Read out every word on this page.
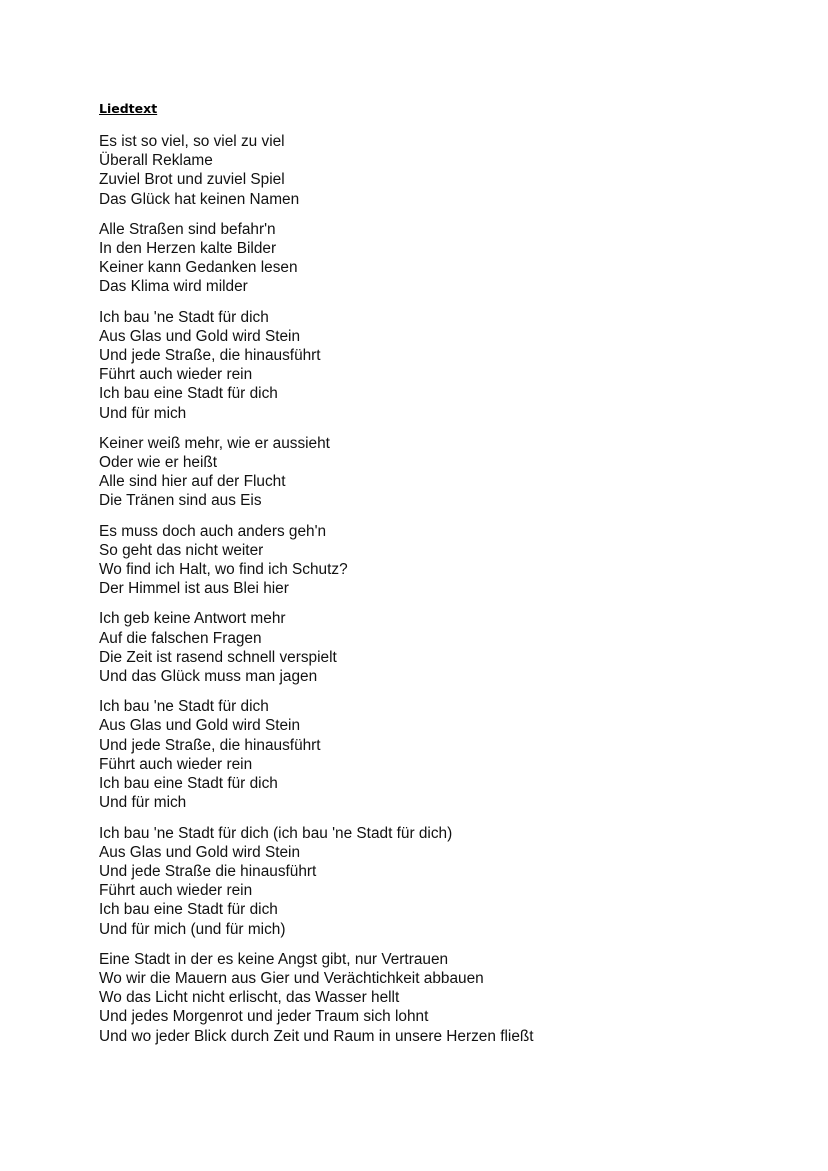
Liedtext
Es ist so viel, so viel zu viel
Überall Reklame
Zuviel Brot und zuviel Spiel
Das Glück hat keinen Namen
Alle Straßen sind befahr'n
In den Herzen kalte Bilder
Keiner kann Gedanken lesen
Das Klima wird milder
Ich bau 'ne Stadt für dich
Aus Glas und Gold wird Stein
Und jede Straße, die hinausführt
Führt auch wieder rein
Ich bau eine Stadt für dich
Und für mich
Keiner weiß mehr, wie er aussieht
Oder wie er heißt
Alle sind hier auf der Flucht
Die Tränen sind aus Eis
Es muss doch auch anders geh'n
So geht das nicht weiter
Wo find ich Halt, wo find ich Schutz?
Der Himmel ist aus Blei hier
Ich geb keine Antwort mehr
Auf die falschen Fragen
Die Zeit ist rasend schnell verspielt
Und das Glück muss man jagen
Ich bau 'ne Stadt für dich
Aus Glas und Gold wird Stein
Und jede Straße, die hinausführt
Führt auch wieder rein
Ich bau eine Stadt für dich
Und für mich
Ich bau 'ne Stadt für dich (ich bau 'ne Stadt für dich)
Aus Glas und Gold wird Stein
Und jede Straße die hinausführt
Führt auch wieder rein
Ich bau eine Stadt für dich
Und für mich (und für mich)
Eine Stadt in der es keine Angst gibt, nur Vertrauen
Wo wir die Mauern aus Gier und Verächtichkeit abbauen
Wo das Licht nicht erlischt, das Wasser hellt
Und jedes Morgenrot und jeder Traum sich lohnt
Und wo jeder Blick durch Zeit und Raum in unsere Herzen fließt
